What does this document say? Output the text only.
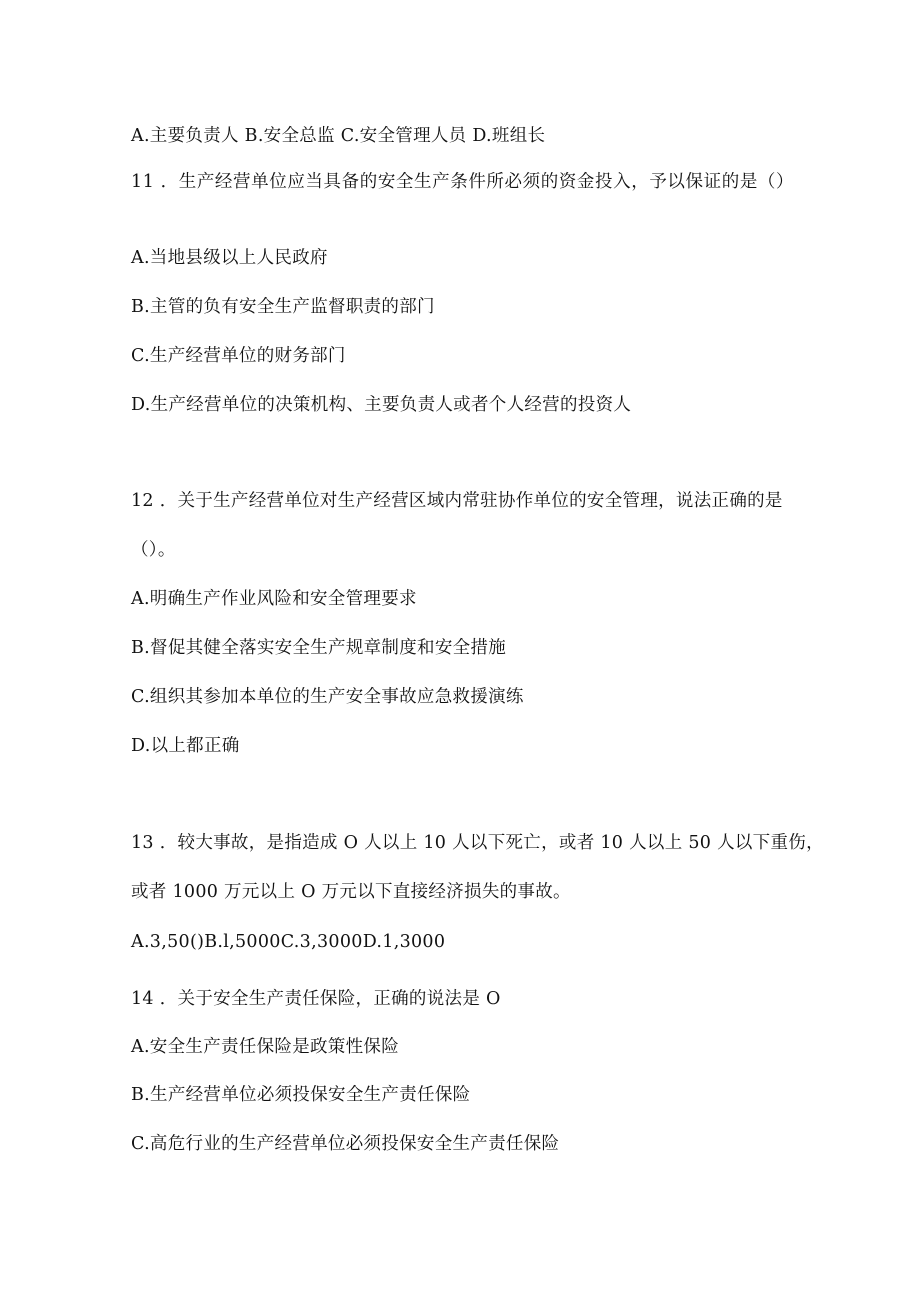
A.主要负责人 B.安全总监 C.安全管理人员 D.班组长
11 ．生产经营单位应当具备的安全生产条件所必须的资金投入，予以保证的是（）
A.当地县级以上人民政府
B.主管的负有安全生产监督职责的部门
C.生产经营单位的财务部门
D.生产经营单位的决策机构、主要负责人或者个人经营的投资人
12 ．关于生产经营单位对生产经营区域内常驻协作单位的安全管理，说法正确的是
（）。
A.明确生产作业风险和安全管理要求
B.督促其健全落实安全生产规章制度和安全措施
C.组织其参加本单位的生产安全事故应急救援演练
D.以上都正确
13 ．较大事故，是指造成 O 人以上 10 人以下死亡，或者 10 人以上 50 人以下重伤，
或者 1000 万元以上 O 万元以下直接经济损失的事故。
A.3,50()B.l,5000C.3,3000D.1,3000
14 ．关于安全生产责任保险，正确的说法是 O
A.安全生产责任保险是政策性保险
B.生产经营单位必须投保安全生产责任保险
C.高危行业的生产经营单位必须投保安全生产责任保险
